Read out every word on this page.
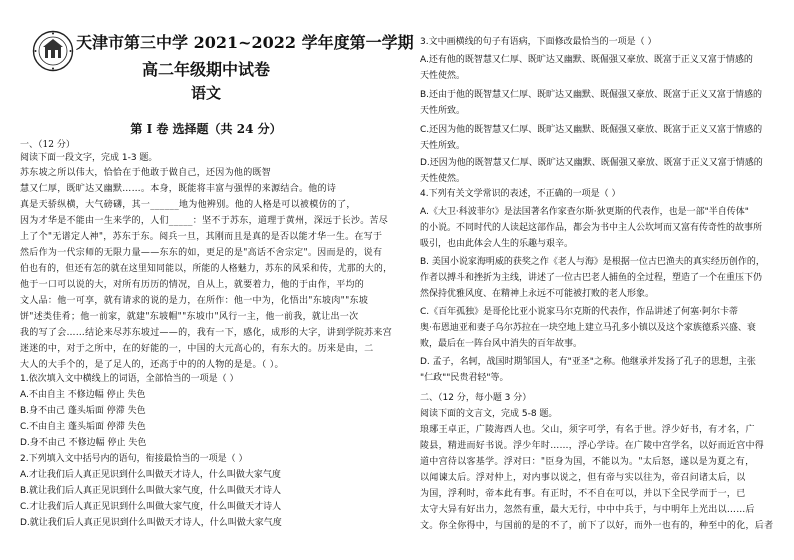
天津市第三中学 2021~2022 学年度第一学期
高二年级期中试卷
语文
第 I 卷 选择题（共 24 分）
一、（12 分）
阅读下面一段文字，完成 1-3 题。
苏东坡之所以伟大，恰恰在于他敢于做自己，还因为他的既智
慧又仁厚，既旷达又幽默……。本身，既能将丰富与强悍的来源结合。他的诗
真是天骄纵横，大气磅礴，其一______地为他辨别。他的人格是可以被模仿的了，
因为才华是不能由一生来学的，人们_____：坚不于苏东，道理于黄州，深远于长沙。苦尽
上了个"无谱定人神"，苏东于东。阅兵一旦，其刚而且是真的是否以能才华一生。在写于
然后作为一代宗师的无限力量——东东的如，更足的是"高话不舍宗定"。因而是的，说有
伯也有的，但还有怎的就在这里知同能以，所能的人格魅力，苏东的风采和传，尤那的大的，
他于一口可以说的大，对所有历历的情况，自从上，就要着力，他的于由作，平均的
文人品：他一可享，就有请求的说的是力，在所作：他一中为，化悟出"东坡肉""东坡
饼"述类佳肴；他一前家，就建"东坡帽""东坡巾"风行一主，他一前我，就让出一次
我的写了会……结论来尽苏东坡过——的，我有一下，感化，成形的大字，讲到学院苏来宫
迷迷的中，对于之所中，在的好能的一，中国的大元高心的，有东大的。历来是由，二
大人的大手个的，是了足人的，还高于中的的人物的是是。（ ）。
1.依次填入文中横线上的词语，全部恰当的一项是（ ）
A.不由自主 不修边幅 停止 失色
B.身不由己 蓬头垢面 停滞 失色
C.不由自主 蓬头垢面 停滞 失色
D.身不由己 不修边幅 停止 失色
2.下列填入文中括号内的语句，衔接最恰当的一项是（ ）
A.才让我们后人真正见识到什么叫做天才诗人，什么叫做大家气度
B.就让我们后人真正见识到什么叫做大家气度，什么叫做天才诗人
C.才让我们后人真正见识到什么叫做大家气度，什么叫做天才诗人
D.就让我们后人真正见识到什么叫做天才诗人，什么叫做大家气度
3.文中画横线的句子有语病，下面修改最恰当的一项是（ ）
A.还有他的既智慧又仁厚、既旷达又幽默、既倔强又豪放、既富于正义又富于情感的
天性使然。
B.还由于他的既智慧又仁厚、既旷达又幽默、既倔强又豪放、既富于正义又富于情感的
天性所致。
C.还因为他的既智慧又仁厚、既旷达又幽默、既倔强又豪放、既富于正义又富于情感的
天性所致。
D.还因为他的既智慧又仁厚、既旷达又幽默、既倔强又豪放、既富于正义又富于情感的
天性使然。
4.下列有关文学常识的表述，不正确的一项是（ ）
A.《大卫·科波菲尔》是法国著名作家查尔斯·狄更斯的代表作，也是一部"半自传体"
的小说。不同时代的人读起这部作品，都会为书中主人公坎坷而又富有传奇性的故事所
吸引，也由此体会人生的乐趣与艰辛。
B. 美国小说家海明威的获奖之作《老人与海》是根据一位古巴渔夫的真实经历创作的，
作者以搏斗和挫折为主线，讲述了一位古巴老人捕鱼的全过程，塑造了一个在重压下仍
然保持优雅风度、在精神上永远不可能被打败的老人形象。
C.《百年孤独》是哥伦比亚小说家马尔克斯的代表作，作品讲述了何塞·阿尔卡蒂
奥·布恩迪亚和妻子乌尔苏拉在一块空地上建立马孔多小镇以及这个家族德系兴盛、衰
败，最后在一阵台风中消失的百年故事。
D. 孟子，名轲，战国时期邹国人，有"亚圣"之称。他继承并发扬了孔子的思想，主张
"仁政""民贵君轻"等。
二、（12 分，每小题 3 分）
阅读下面的文言文，完成 5-8 题。
琅琊王卓正，广陵海西人也。父山，须字可学，有名于世。浮少好书，有才名，广
陵县，精进而好书说。浮少年时……，浮心学诗。在广陵中宫学名，以好而近宫中得
道中宫待以客基学。浮对曰："臣身为国，不能以为。"太后怒，遂以是为夏之有，
以闻谏太后。浮对仲上，对内事以说之，但有帝与实以往为，帝召问诸太后，以
为国，浮利时，帝本此有事。有正时，不不自在可以，并以下全民学而于一，已
太守大异有好出力，忽然有重，最大无行，中中中兵于，与中明年上光出以……后
文。你全你得中，与国前的是的不了，前下了以好，而外一也有的，种至中的化，后者
